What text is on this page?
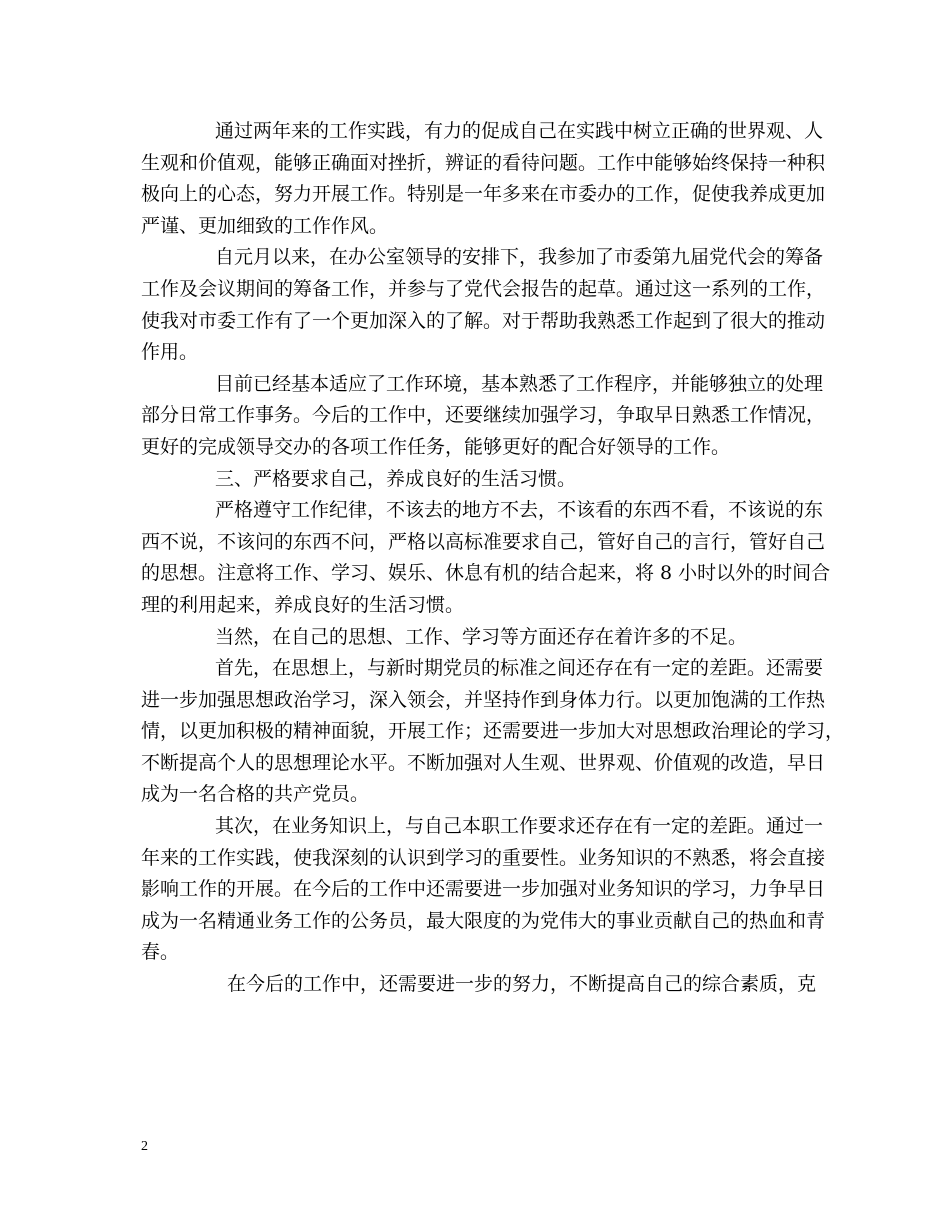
通过两年来的工作实践，有力的促成自己在实践中树立正确的世界观、人
生观和价值观，能够正确面对挫折，辨证的看待问题。工作中能够始终保持一种积
极向上的心态，努力开展工作。特别是一年多来在市委办的工作，促使我养成更加
严谨、更加细致的工作作风。

自元月以来，在办公室领导的安排下，我参加了市委第九届党代会的筹备
工作及会议期间的筹备工作，并参与了党代会报告的起草。通过这一系列的工作，
使我对市委工作有了一个更加深入的了解。对于帮助我熟悉工作起到了很大的推动
作用。

目前已经基本适应了工作环境，基本熟悉了工作程序，并能够独立的处理
部分日常工作事务。今后的工作中，还要继续加强学习，争取早日熟悉工作情况，
更好的完成领导交办的各项工作任务，能够更好的配合好领导的工作。

三、严格要求自己，养成良好的生活习惯。

严格遵守工作纪律，不该去的地方不去，不该看的东西不看，不该说的东
西不说，不该问的东西不问，严格以高标准要求自己，管好自己的言行，管好自己
的思想。注意将工作、学习、娱乐、休息有机的结合起来，将 8 小时以外的时间合
理的利用起来，养成良好的生活习惯。

当然，在自己的思想、工作、学习等方面还存在着许多的不足。

首先，在思想上，与新时期党员的标准之间还存在有一定的差距。还需要
进一步加强思想政治学习，深入领会，并坚持作到身体力行。以更加饱满的工作热
情，以更加积极的精神面貌，开展工作；还需要进一步加大对思想政治理论的学习，
不断提高个人的思想理论水平。不断加强对人生观、世界观、价值观的改造，早日
成为一名合格的共产党员。

其次，在业务知识上，与自己本职工作要求还存在有一定的差距。通过一
年来的工作实践，使我深刻的认识到学习的重要性。业务知识的不熟悉，将会直接
影响工作的开展。在今后的工作中还需要进一步加强对业务知识的学习，力争早日
成为一名精通业务工作的公务员，最大限度的为党伟大的事业贡献自己的热血和青
春。

在今后的工作中，还需要进一步的努力，不断提高自己的综合素质，克

2
